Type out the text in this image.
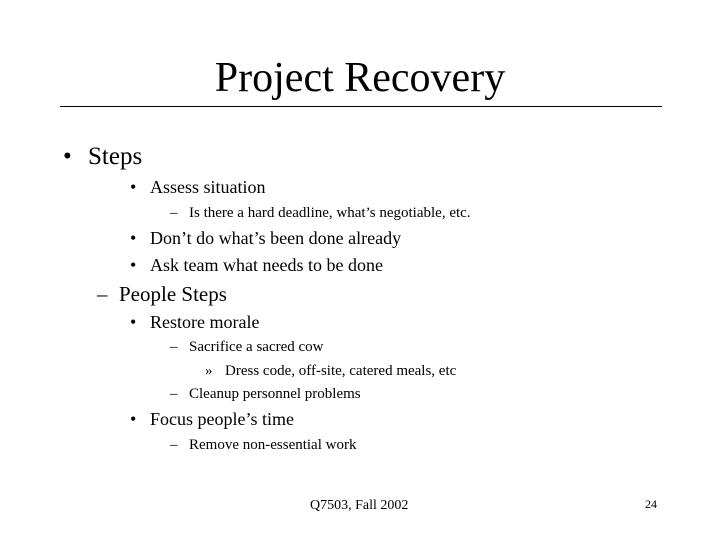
Project Recovery
• Steps
• Assess situation
– Is there a hard deadline, what’s negotiable, etc.
• Don’t do what’s been done already
• Ask team what needs to be done
– People Steps
• Restore morale
– Sacrifice a sacred cow
» Dress code, off-site, catered meals, etc
– Cleanup personnel problems
• Focus people’s time
– Remove non-essential work
Q7503, Fall 2002	24
